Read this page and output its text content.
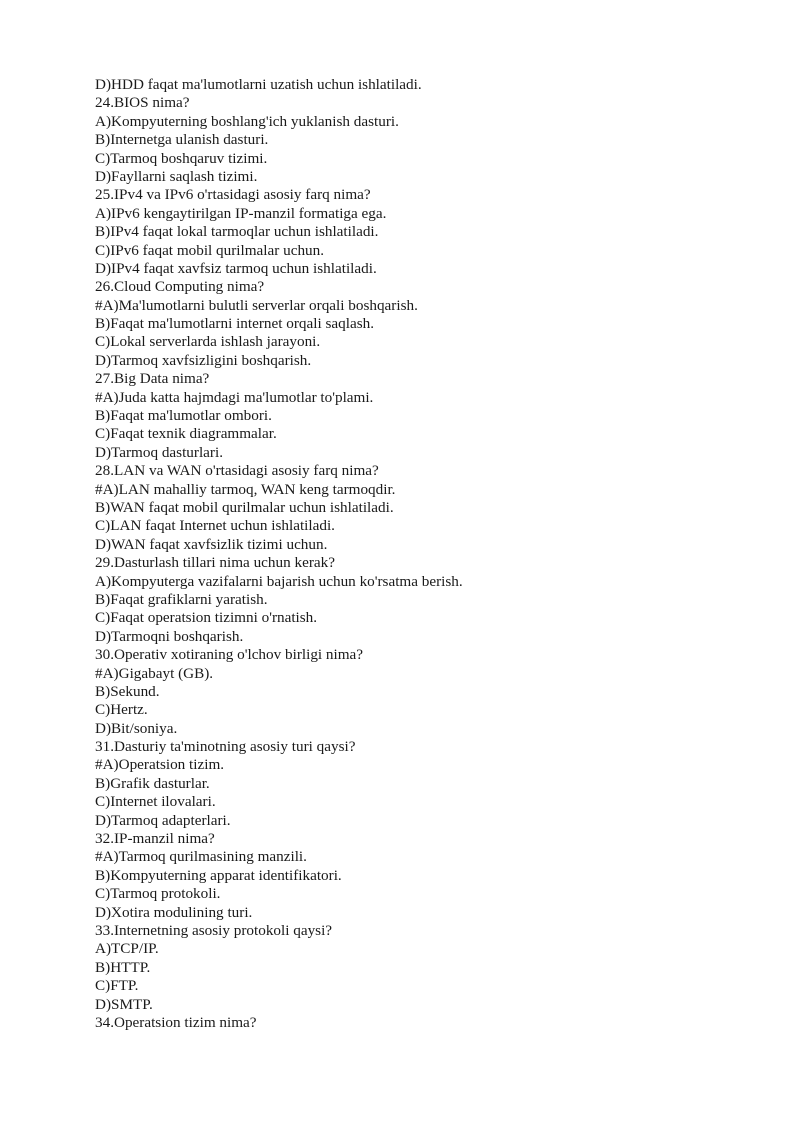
D)HDD faqat ma'lumotlarni uzatish uchun ishlatiladi.
24.BIOS nima?
A)Kompyuterning boshlang'ich yuklanish dasturi.
B)Internetga ulanish dasturi.
C)Tarmoq boshqaruv tizimi.
D)Fayllarni saqlash tizimi.
25.IPv4 va IPv6 o'rtasidagi asosiy farq nima?
A)IPv6 kengaytirilgan IP-manzil formatiga ega.
B)IPv4 faqat lokal tarmoqlar uchun ishlatiladi.
C)IPv6 faqat mobil qurilmalar uchun.
D)IPv4 faqat xavfsiz tarmoq uchun ishlatiladi.
26.Cloud Computing nima?
#A)Ma'lumotlarni bulutli serverlar orqali boshqarish.
B)Faqat ma'lumotlarni internet orqali saqlash.
C)Lokal serverlarda ishlash jarayoni.
D)Tarmoq xavfsizligini boshqarish.
27.Big Data nima?
#A)Juda katta hajmdagi ma'lumotlar to'plami.
B)Faqat ma'lumotlar ombori.
C)Faqat texnik diagrammalar.
D)Tarmoq dasturlari.
28.LAN va WAN o'rtasidagi asosiy farq nima?
#A)LAN mahalliy tarmoq, WAN keng tarmoqdir.
B)WAN faqat mobil qurilmalar uchun ishlatiladi.
C)LAN faqat Internet uchun ishlatiladi.
D)WAN faqat xavfsizlik tizimi uchun.
29.Dasturlash tillari nima uchun kerak?
A)Kompyuterga vazifalarni bajarish uchun ko'rsatma berish.
B)Faqat grafiklarni yaratish.
C)Faqat operatsion tizimni o'rnatish.
D)Tarmoqni boshqarish.
30.Operativ xotiraning o'lchov birligi nima?
#A)Gigabayt (GB).
B)Sekund.
C)Hertz.
D)Bit/soniya.
31.Dasturiy ta'minotning asosiy turi qaysi?
#A)Operatsion tizim.
B)Grafik dasturlar.
C)Internet ilovalari.
D)Tarmoq adapterlari.
32.IP-manzil nima?
#A)Tarmoq qurilmasining manzili.
B)Kompyuterning apparat identifikatori.
C)Tarmoq protokoli.
D)Xotira modulining turi.
33.Internetning asosiy protokoli qaysi?
A)TCP/IP.
B)HTTP.
C)FTP.
D)SMTP.
34.Operatsion tizim nima?
